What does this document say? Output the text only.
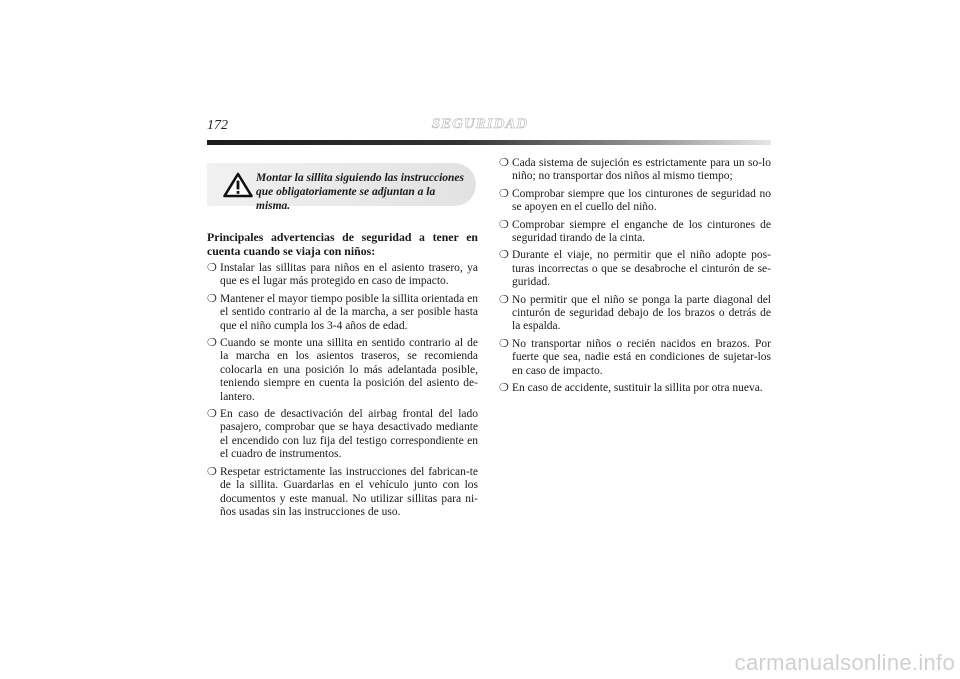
172	SEGURIDAD
Montar la sillita siguiendo las instrucciones que obligatoriamente se adjuntan a la misma.
Principales advertencias de seguridad a tener en cuenta cuando se viaja con niños:
❍ Instalar las sillitas para niños en el asiento trasero, ya que es el lugar más protegido en caso de impacto.
❍ Mantener el mayor tiempo posible la sillita orientada en el sentido contrario al de la marcha, a ser posible hasta que el niño cumpla los 3-4 años de edad.
❍ Cuando se monte una sillita en sentido contrario al de la marcha en los asientos traseros, se recomienda colocarla en una posición lo más adelantada posible, teniendo siempre en cuenta la posición del asiento de-lantero.
❍ En caso de desactivación del airbag frontal del lado pasajero, comprobar que se haya desactivado mediante el encendido con luz fija del testigo correspondiente en el cuadro de instrumentos.
❍ Respetar estrictamente las instrucciones del fabrican-te de la sillita. Guardarlas en el vehículo junto con los documentos y este manual. No utilizar sillitas para ni-ños usadas sin las instrucciones de uso.
❍ Cada sistema de sujeción es estrictamente para un so-lo niño; no transportar dos niños al mismo tiempo;
❍ Comprobar siempre que los cinturones de seguridad no se apoyen en el cuello del niño.
❍ Comprobar siempre el enganche de los cinturones de seguridad tirando de la cinta.
❍ Durante el viaje, no permitir que el niño adopte pos-turas incorrectas o que se desabroche el cinturón de se-guridad.
❍ No permitir que el niño se ponga la parte diagonal del cinturón de seguridad debajo de los brazos o detrás de la espalda.
❍ No transportar niños o recién nacidos en brazos. Por fuerte que sea, nadie está en condiciones de sujetar-los en caso de impacto.
❍ En caso de accidente, sustituir la sillita por otra nueva.
carmanualsonline.info
